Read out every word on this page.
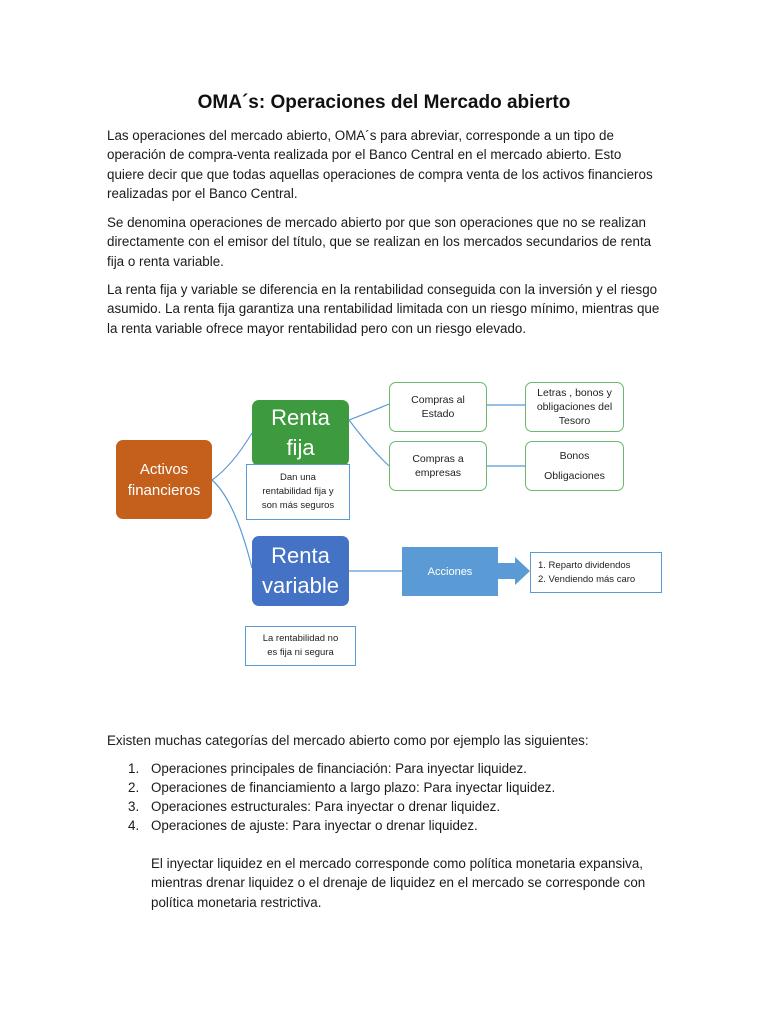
OMA´s: Operaciones del Mercado abierto

Las operaciones del mercado abierto, OMA´s para abreviar, corresponde a un tipo de operación de compra-venta realizada por el Banco Central en el mercado abierto. Esto quiere decir que que todas aquellas operaciones de compra venta de los activos financieros realizadas por el Banco Central.

Se denomina operaciones de mercado abierto por que son operaciones que no se realizan directamente con el emisor del título, que se realizan en los mercados secundarios de renta fija o renta variable.

La renta fija y variable se diferencia en la rentabilidad conseguida con la inversión y el riesgo asumido. La renta fija garantiza una rentabilidad limitada con un riesgo mínimo, mientras que la renta variable ofrece mayor rentabilidad pero con un riesgo elevado.

Activos
financieros
Renta
fija
Dan una
rentabilidad fija y
son más seguros
Renta
variable
La rentabilidad no
es fija ni segura
Compras al
Estado
Compras a
empresas
Letras , bonos y
obligaciones del
Tesoro
Bonos
Obligaciones
Acciones
1. Reparto dividendos
2. Vendiendo más caro

Existen muchas categorías del mercado abierto como por ejemplo las siguientes:

1. Operaciones principales de financiación: Para inyectar liquidez.
2. Operaciones de financiamiento a largo plazo: Para inyectar liquidez.
3. Operaciones estructurales: Para inyectar o drenar liquidez.
4. Operaciones de ajuste: Para inyectar o drenar liquidez.

El inyectar liquidez en el mercado corresponde como política monetaria expansiva, mientras drenar liquidez o el drenaje de liquidez en el mercado se corresponde con política monetaria restrictiva.
